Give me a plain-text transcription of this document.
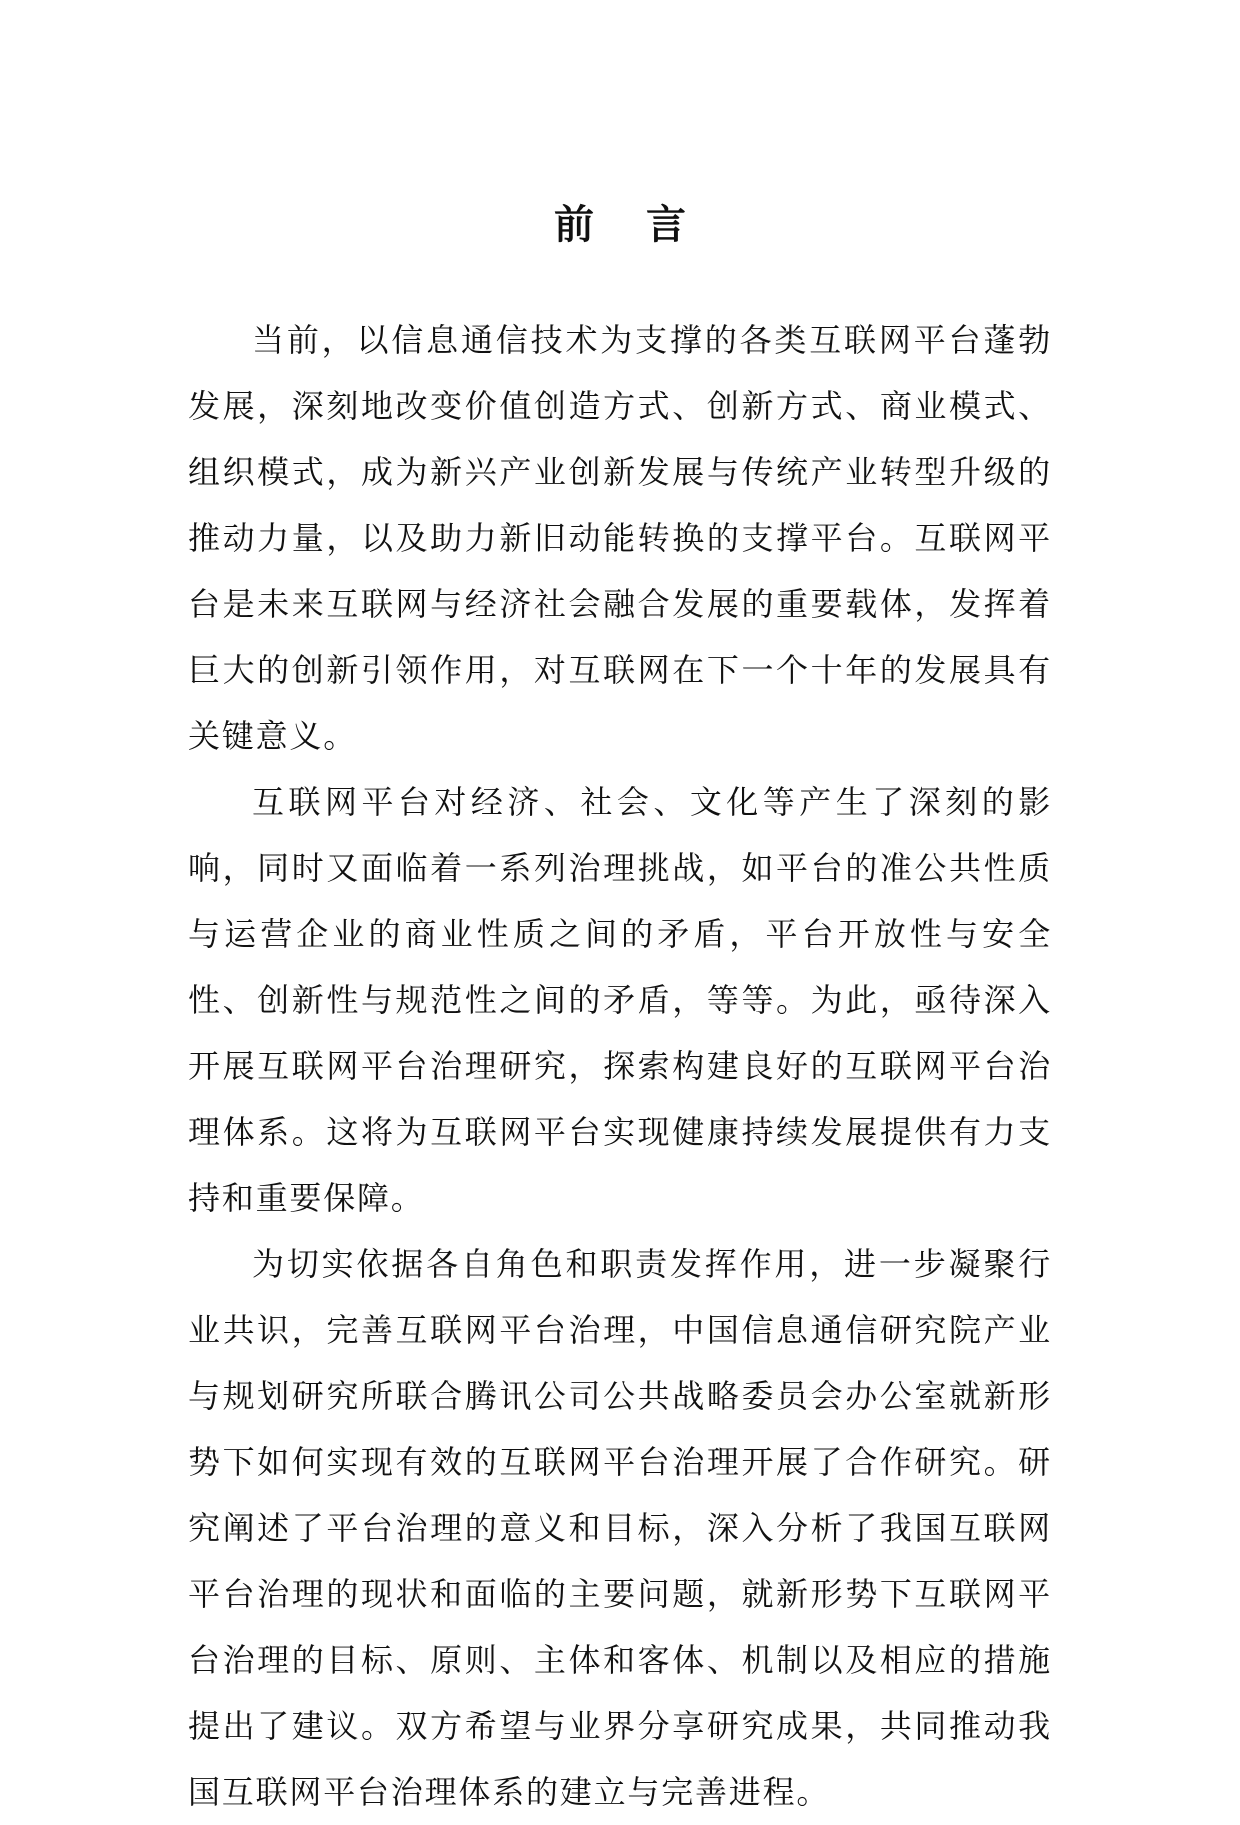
前言

当前，以信息通信技术为支撑的各类互联网平台蓬勃发展，深刻地改变价值创造方式、创新方式、商业模式、组织模式，成为新兴产业创新发展与传统产业转型升级的推动力量，以及助力新旧动能转换的支撑平台。互联网平台是未来互联网与经济社会融合发展的重要载体，发挥着巨大的创新引领作用，对互联网在下一个十年的发展具有关键意义。

互联网平台对经济、社会、文化等产生了深刻的影响，同时又面临着一系列治理挑战，如平台的准公共性质与运营企业的商业性质之间的矛盾，平台开放性与安全性、创新性与规范性之间的矛盾，等等。为此，亟待深入开展互联网平台治理研究，探索构建良好的互联网平台治理体系。这将为互联网平台实现健康持续发展提供有力支持和重要保障。

为切实依据各自角色和职责发挥作用，进一步凝聚行业共识，完善互联网平台治理，中国信息通信研究院产业与规划研究所联合腾讯公司公共战略委员会办公室就新形势下如何实现有效的互联网平台治理开展了合作研究。研究阐述了平台治理的意义和目标，深入分析了我国互联网平台治理的现状和面临的主要问题，就新形势下互联网平台治理的目标、原则、主体和客体、机制以及相应的措施提出了建议。双方希望与业界分享研究成果，共同推动我国互联网平台治理体系的建立与完善进程。
